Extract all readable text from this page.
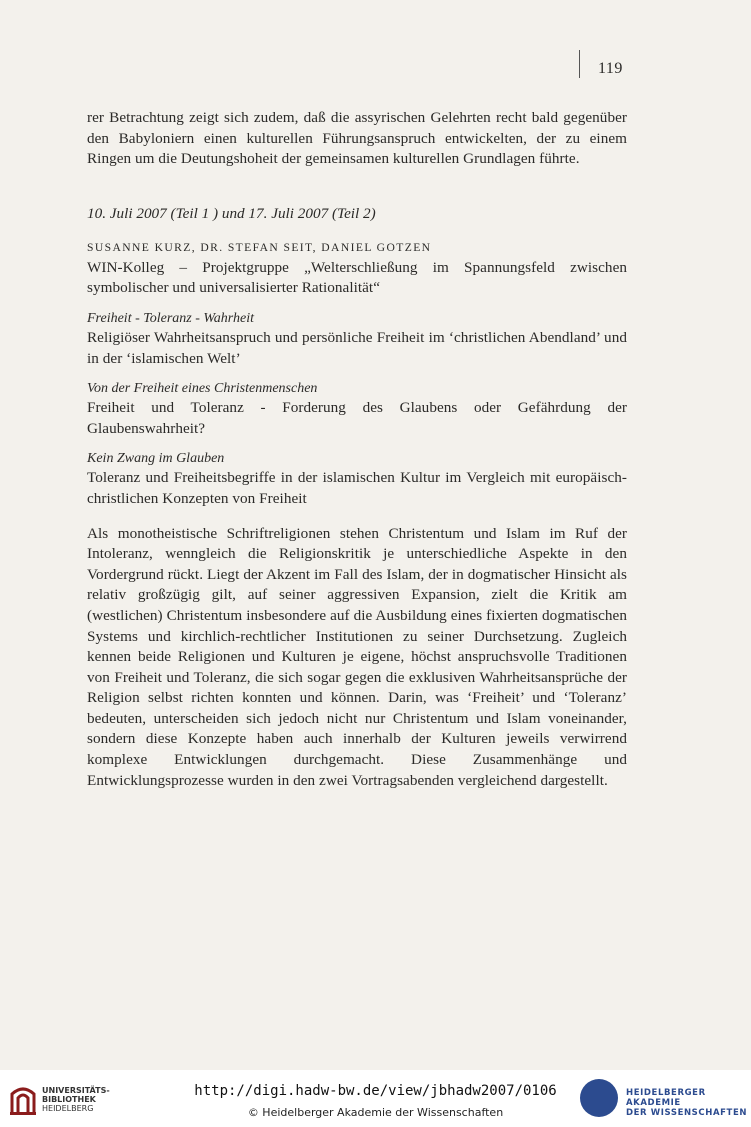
119

rer Betrachtung zeigt sich zudem, daß die assyrischen Gelehrten recht bald gegenüber den Babyloniern einen kulturellen Führungsanspruch entwickelten, der zu einem Ringen um die Deutungshoheit der gemeinsamen kulturellen Grundlagen führte.

10. Juli 2007 (Teil 1 ) und 17. Juli 2007 (Teil 2)
SUSANNE KURZ, DR. STEFAN SEIT, DANIEL GOTZEN

WIN-Kolleg – Projektgruppe „Welterschließung im Spannungsfeld zwischen symbolischer und universalisierter Rationalität“

Freiheit - Toleranz - Wahrheit

Religiöser Wahrheitsanspruch und persönliche Freiheit im ‘christlichen Abendland’ und in der ‘islamischen Welt’

Von der Freiheit eines Christenmenschen

Freiheit und Toleranz - Forderung des Glaubens oder Gefährdung der Glaubenswahrheit?

Kein Zwang im Glauben

Toleranz und Freiheitsbegriffe in der islamischen Kultur im Vergleich mit europäisch-christlichen Konzepten von Freiheit

Als monotheistische Schriftreligionen stehen Christentum und Islam im Ruf der Intoleranz, wenngleich die Religionskritik je unterschiedliche Aspekte in den Vordergrund rückt. Liegt der Akzent im Fall des Islam, der in dogmatischer Hinsicht als relativ großzügig gilt, auf seiner aggressiven Expansion, zielt die Kritik am (westlichen) Christentum insbesondere auf die Ausbildung eines fixierten dogmatischen Systems und kirchlich-rechtlicher Institutionen zu seiner Durchsetzung. Zugleich kennen beide Religionen und Kulturen je eigene, höchst anspruchsvolle Traditionen von Freiheit und Toleranz, die sich sogar gegen die exklusiven Wahrheitsansprüche der Religion selbst richten konnten und können. Darin, was ‘Freiheit’ und ‘Toleranz’ bedeuten, unterscheiden sich jedoch nicht nur Christentum und Islam voneinander, sondern diese Konzepte haben auch innerhalb der Kulturen jeweils verwirrend komplexe Entwicklungen durchgemacht. Diese Zusammenhänge und Entwicklungsprozesse wurden in den zwei Vortragsabenden vergleichend dargestellt.

UNIVERSITÄTS-
BIBLIOTHEK
HEIDELBERG
http://digi.hadw-bw.de/view/jbhadw2007/0106
© Heidelberger Akademie der Wissenschaften
HEIDELBERGER AKADEMIE
DER WISSENSCHAFTEN
